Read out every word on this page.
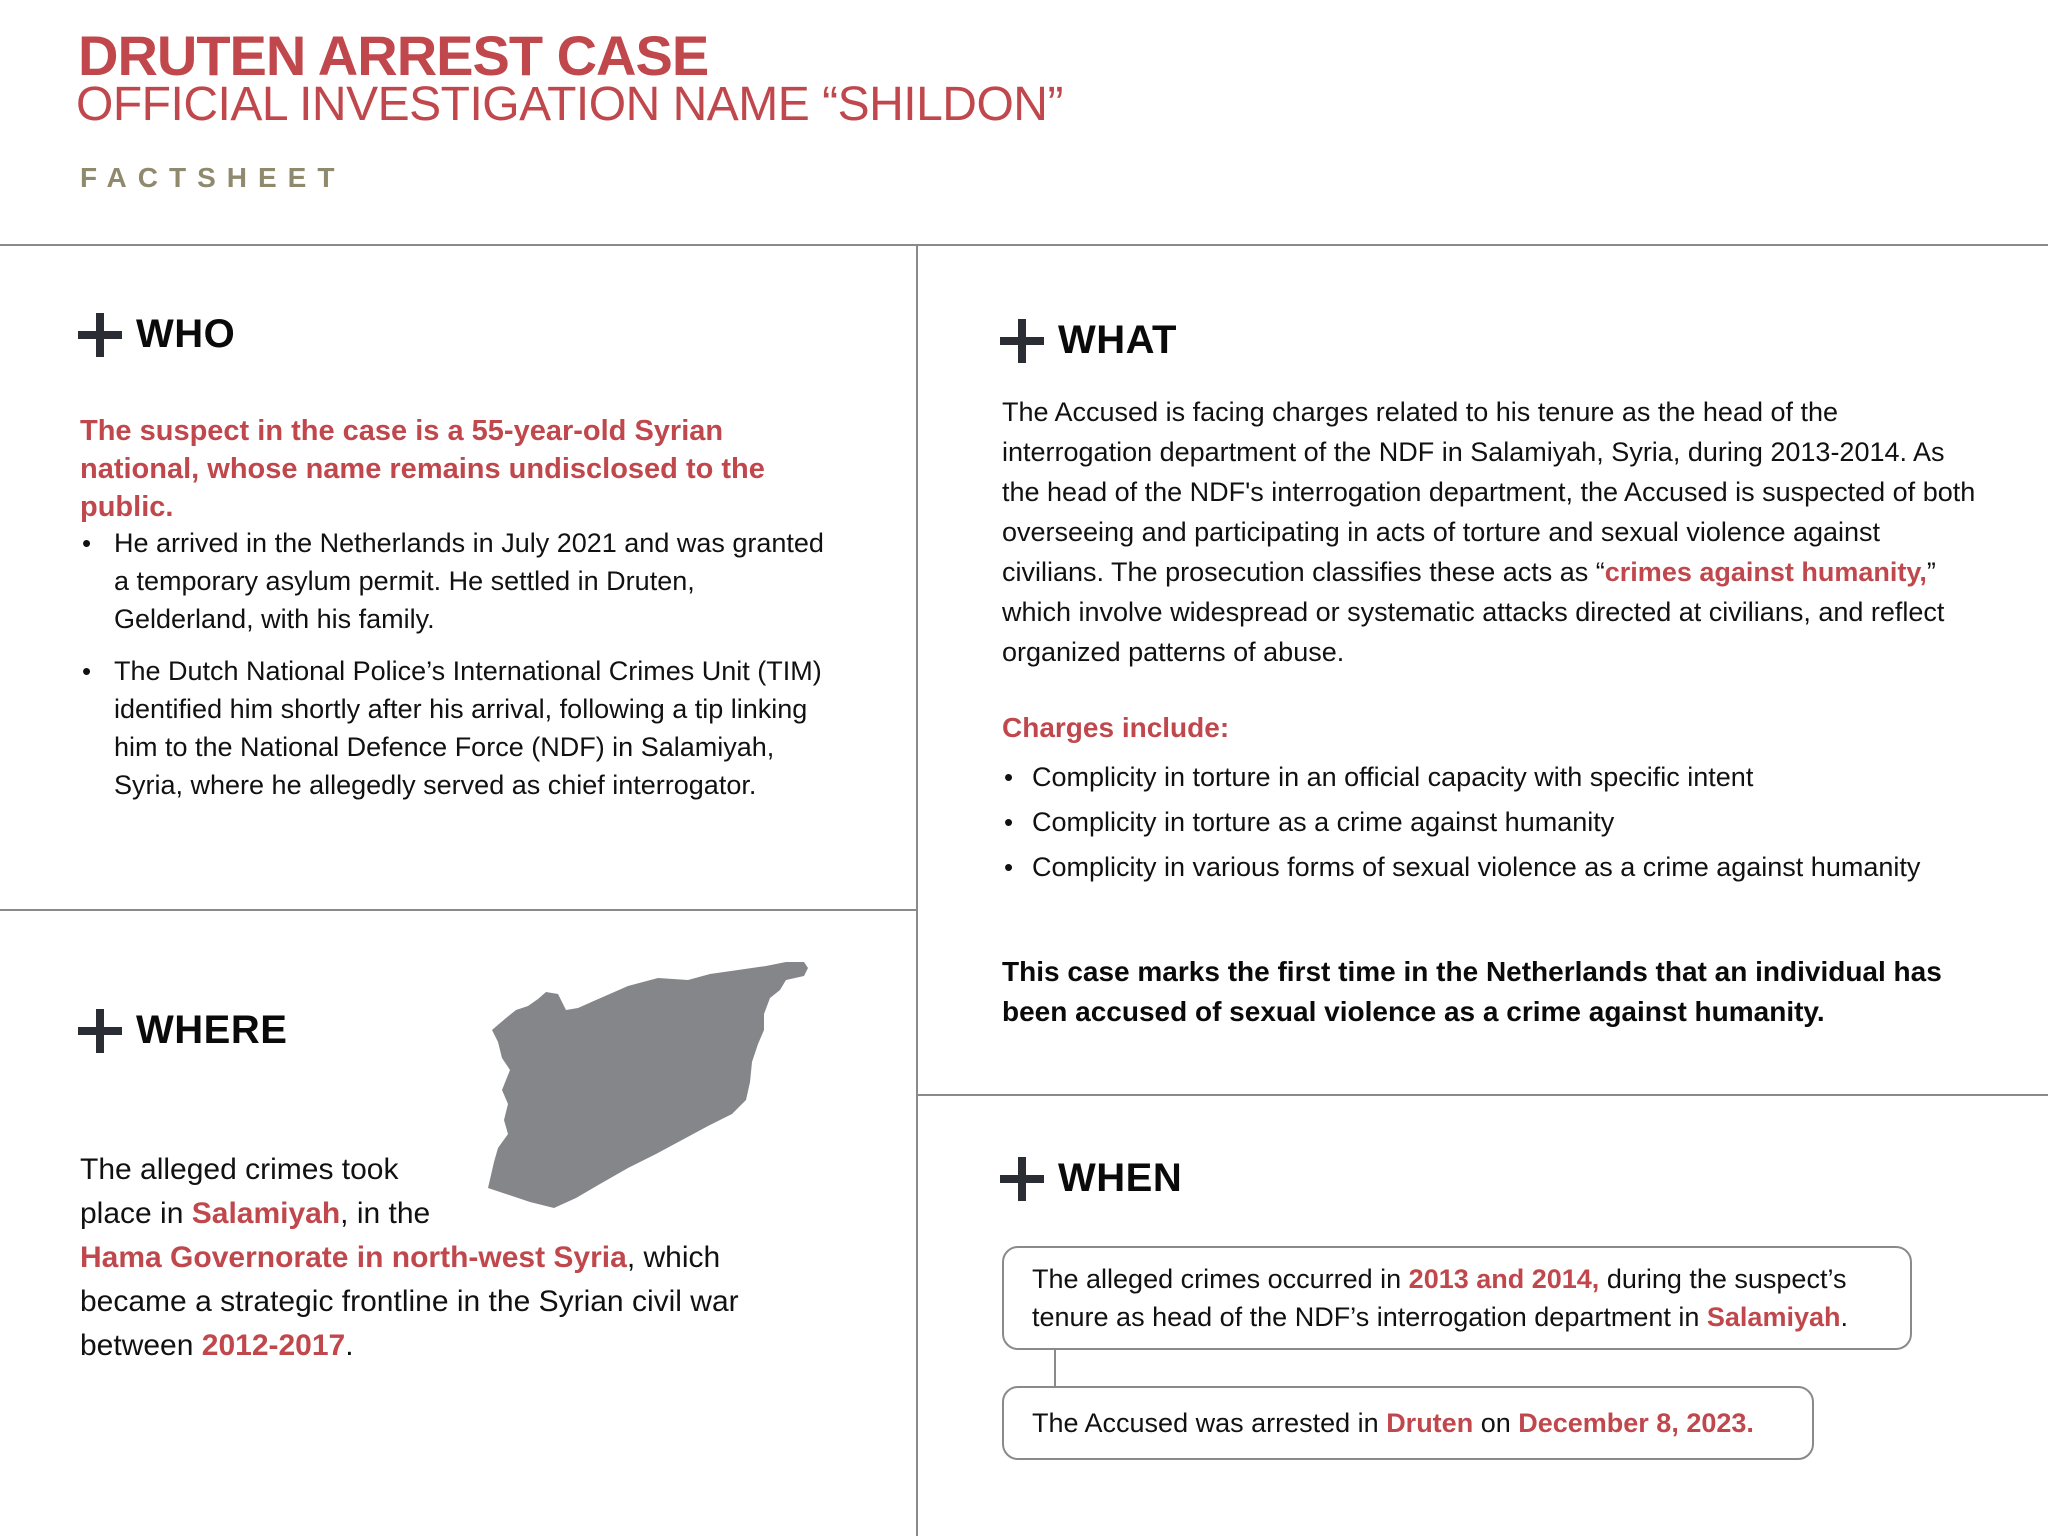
DRUTEN ARREST CASE
OFFICIAL INVESTIGATION NAME “SHILDON”
FACTSHEET
WHO
The suspect in the case is a 55-year-old Syrian national, whose name remains undisclosed to the public.
• He arrived in the Netherlands in July 2021 and was granted a temporary asylum permit. He settled in Druten, Gelderland, with his family.
• The Dutch National Police’s International Crimes Unit (TIM) identified him shortly after his arrival, following a tip linking him to the National Defence Force (NDF) in Salamiyah, Syria, where he allegedly served as chief interrogator.
WHERE
The alleged crimes took
place in Salamiyah, in the
Hama Governorate in north-west Syria, which
became a strategic frontline in the Syrian civil war
between 2012-2017.
WHAT
The Accused is facing charges related to his tenure as the head of the interrogation department of the NDF in Salamiyah, Syria, during 2013-2014. As the head of the NDF's interrogation department, the Accused is suspected of both overseeing and participating in acts of torture and sexual violence against civilians. The prosecution classifies these acts as “crimes against humanity,” which involve widespread or systematic attacks directed at civilians, and reflect organized patterns of abuse.
Charges include:
• Complicity in torture in an official capacity with specific intent
• Complicity in torture as a crime against humanity
• Complicity in various forms of sexual violence as a crime against humanity
This case marks the first time in the Netherlands that an individual has been accused of sexual violence as a crime against humanity.
WHEN
The alleged crimes occurred in 2013 and 2014, during the suspect’s tenure as head of the NDF’s interrogation department in Salamiyah.
The Accused was arrested in Druten on December 8, 2023.
